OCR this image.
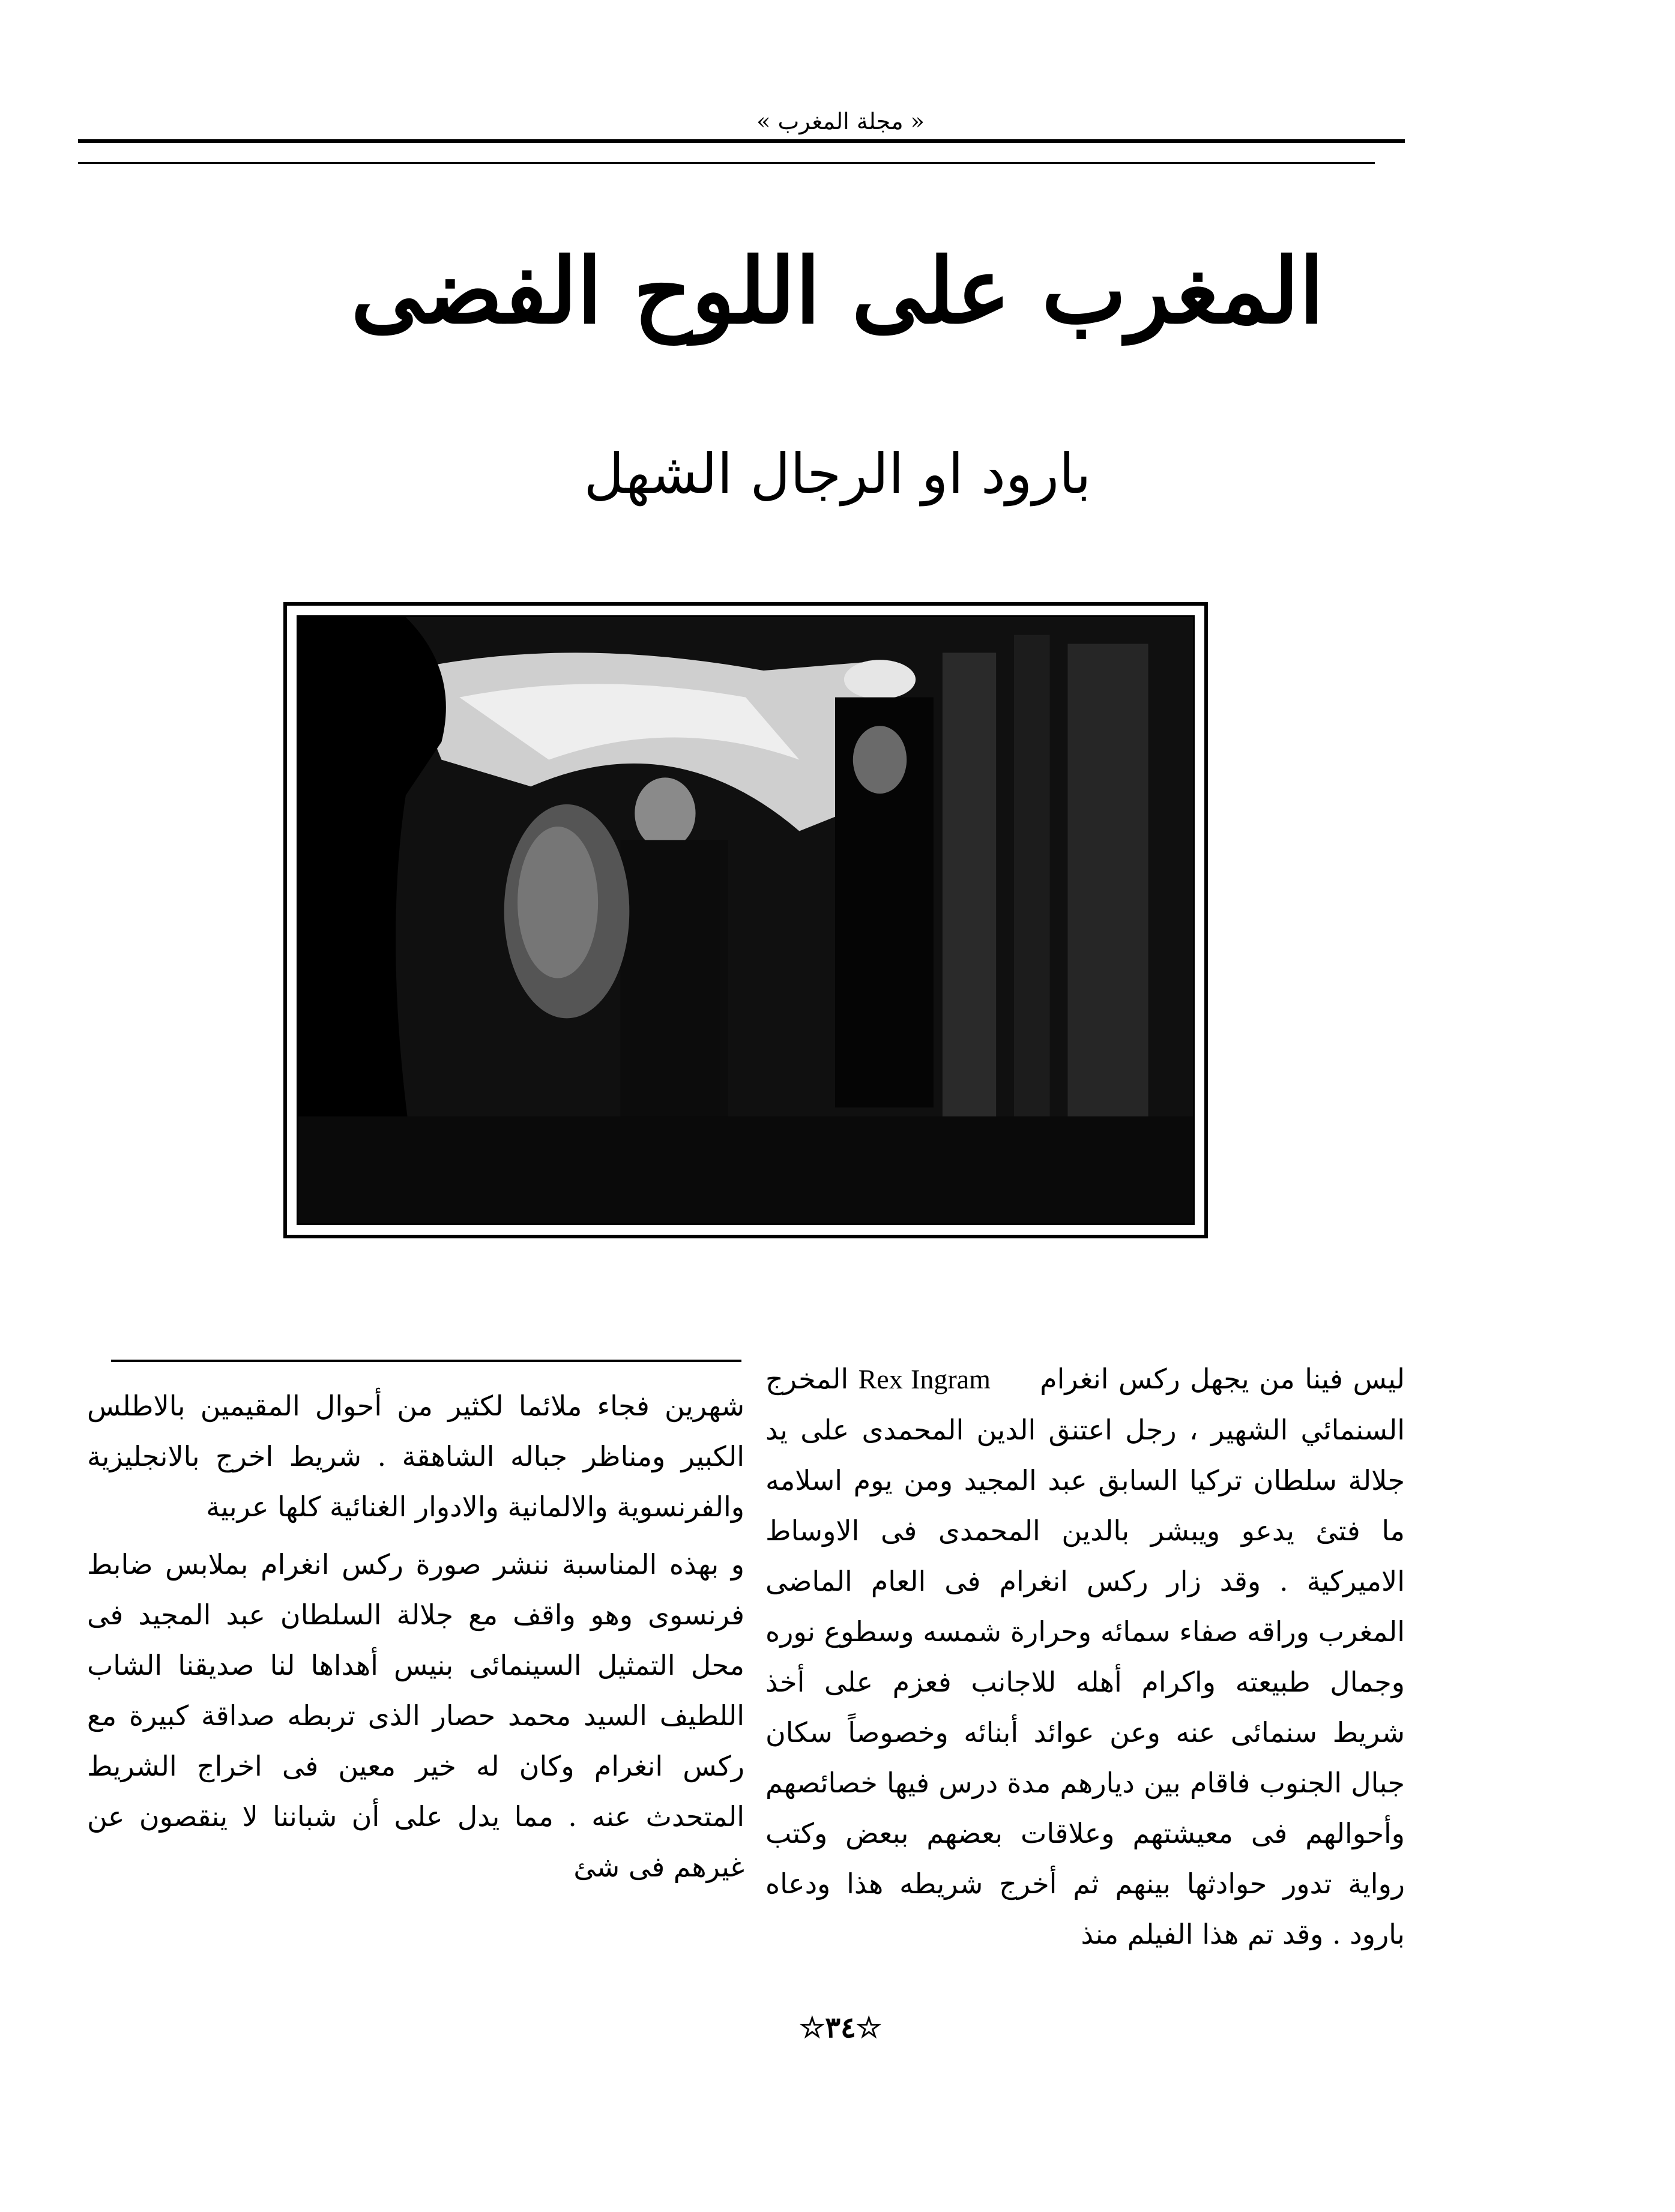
« مجلة المغرب »
المغرب على اللوح الفضى
بارود او الرجال الشهل

ليس فينا من يجهل ركس انغرام     Rex Ingram المخرج السنمائي الشهير ، رجل اعتنق الدين المحمدى على يد جلالة سلطان تركيا السابق عبد المجيد ومن يوم اسلامه ما فتئ يدعو ويبشر بالدين المحمدى فى الاوساط الاميركية . وقد زار ركس انغرام فى العام الماضى المغرب وراقه صفاء سمائه وحرارة شمسه وسطوع نوره وجمال طبيعته واكرام أهله للاجانب فعزم على أخذ شريط سنمائى عنه وعن عوائد أبنائه وخصوصاً سكان جبال الجنوب فاقام بين ديارهم مدة درس فيها خصائصهم وأحوالهم فى معيشتهم وعلاقات بعضهم ببعض وكتب رواية تدور حوادثها بينهم ثم أخرج شريطه هذا ودعاه بارود . وقد تم هذا الفيلم منذ

شهرين فجاء ملائما لكثير من أحوال المقيمين بالاطلس الكبير ومناظر جباله الشاهقة . شريط اخرج بالانجليزية والفرنسوية والالمانية والادوار الغنائية كلها عربية

و بهذه المناسبة ننشر صورة ركس انغرام بملابس ضابط فرنسوى وهو واقف مع جلالة السلطان عبد المجيد فى محل التمثيل السينمائى بنيس أهداها لنا صديقنا الشاب اللطيف السيد محمد حصار الذى تربطه صداقة كبيرة مع ركس انغرام وكان له خير معين فى اخراج الشريط المتحدث عنه . مما يدل على أن شباننا لا ينقصون عن غيرهم فى شئ

☆٣٤☆
